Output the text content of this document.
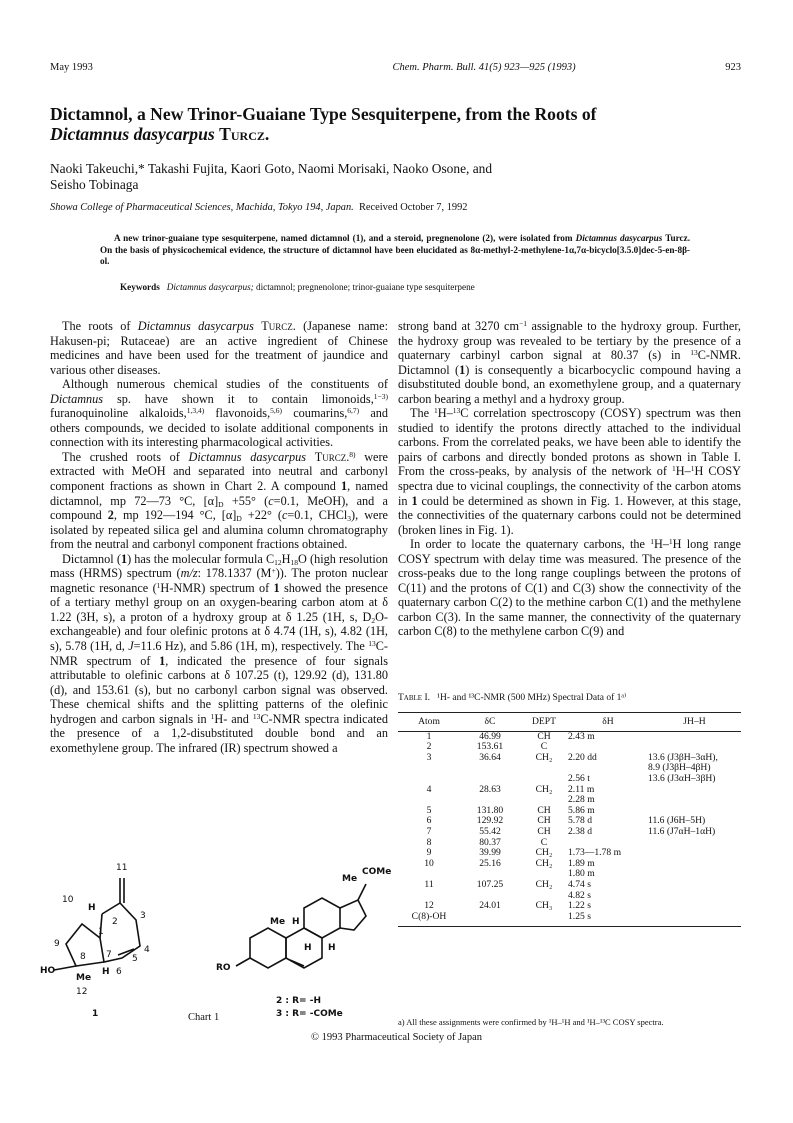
May 1993	Chem. Pharm. Bull. 41(5) 923—925 (1993)	923
Dictamnol, a New Trinor-Guaiane Type Sesquiterpene, from the Roots of
Dictamnus dasycarpus Turcz.
Naoki Takeuchi,* Takashi Fujita, Kaori Goto, Naomi Morisaki, Naoko Osone, and
Seisho Tobinaga
Showa College of Pharmaceutical Sciences, Machida, Tokyo 194, Japan. Received October 7, 1992
A new trinor-guaiane type sesquiterpene, named dictamnol (1), and a steroid, pregnenolone (2), were isolated from Dictamnus dasycarpus Turcz. On the basis of physicochemical evidence, the structure of dictamnol have been elucidated as 8α-methyl-2-methylene-1α,7α-bicyclo[3.5.0]dec-5-en-8β-ol.
Keywords Dictamnus dasycarpus; dictamnol; pregnenolone; trinor-guaiane type sesquiterpene

The roots of Dictamnus dasycarpus Turcz. (Japanese name: Hakusen-pi; Rutaceae) are an active ingredient of Chinese medicines and have been used for the treatment of jaundice and various other diseases.

Although numerous chemical studies of the constituents of Dictamnus sp. have shown it to contain limonoids,$^{1-3)}$ furanoquinoline alkaloids,$^{1,3,4)}$ flavonoids,$^{5,6)}$ coumarins,$^{6,7)}$ and others compounds, we decided to isolate additional components in connection with its interesting pharmacological activities.

The crushed roots of Dictamnus dasycarpus Turcz.$^{8)}$ were extracted with MeOH and separated into neutral and carbonyl component fractions as shown in Chart 2. A compound 1, named dictamnol, mp 72—73 °C, $[\alpha]_D +55^\circ$ (c=0.1, MeOH), and a compound 2, mp 192—194 °C, $[\alpha]_D +22^\circ$ (c=0.1, CHCl$_3$), were isolated by repeated silica gel and alumina column chromatography from the neutral and carbonyl component fractions obtained.

Dictamnol (1) has the molecular formula $C_{12}H_{18}O$ (high resolution mass (HRMS) spectrum (m/z: 178.1337 (M+)). The proton nuclear magnetic resonance ($^1$H-NMR) spectrum of 1 showed the presence of a tertiary methyl group on an oxygen-bearing carbon atom at δ 1.22 (3H, s), a proton of a hydroxy group at δ 1.25 (1H, s, $D_2O-exchangeable$) and four olefinic protons at δ 4.74 (1H, s), 4.82 (1H, s), 5.78 (1H, d, J=11.6 Hz), and 5.86 (1H, m), respectively. The $^{13}$C-NMR spectrum of 1, indicated the presence of four signals attributable to olefinic carbons at δ 107.25 (t), 129.92 (d), 131.80 (d), and 153.61 (s), but no carbonyl carbon signal was observed. These chemical shifts and the splitting patterns of the olefinic hydrogen and carbon signals in $^1$H- and $^{13}$C-NMR spectra indicated the presence of a 1,2-disubstituted double bond and an exomethylene group. The infrared (IR) spectrum showed a

strong band at 3270 $cm^{-1}$ assignable to the hydroxy group. Further, the hydroxy group was revealed to be tertiary by the presence of a quaternary carbinyl carbon signal at 80.37 (s) in $^{13}$C-NMR. Dictamnol (1) is consequently a bicarbocyclic compound having a disubstituted double bond, an exomethylene group, and a quaternary carbon bearing a methyl and a hydroxy group.

The $^1$H–$^{13}$C correlation spectroscopy (COSY) spectrum was then studied to identify the protons directly attached to the individual carbons. From the correlated peaks, we have been able to identify the pairs of carbons and directly bonded protons as shown in Table I. From the cross-peaks, by analysis of the network of $^1$H–$^1$H COSY spectra due to vicinal couplings, the connectivity of the carbon atoms in 1 could be determined as shown in Fig. 1. However, at this stage, the connectivities of the quaternary carbons could not be determined (broken lines in Fig. 1).

In order to locate the quaternary carbons, the $^1$H–$^1$H long range COSY spectrum with delay time was measured. The presence of the cross-peaks due to the long range couplings between the protons of C(11) and the protons of C(1) and C(3) show the connectivity of the quaternary carbon C(2) to the methine carbon C(1) and the methylene carbon C(3). In the same manner, the connectivity of the quaternary carbon C(8) to the methylene carbon C(9) and

Table I. ¹H- and ¹³C-NMR (500 MHz) Spectral Data of 1ᵃ⁾
Atom	δC	DEPT	δH	JH–H
1	46.99	CH	2.43 m	
2	153.61	C		
3	36.64	CH₂	2.20 dd	13.6 (J3βH–3αH),
				8.9 (J3βH–4βH)
			2.56 t	13.6 (J3αH–3βH)
4	28.63	CH₂	2.11 m	
			2.28 m	
5	131.80	CH	5.86 m	
6	129.92	CH	5.78 d	11.6 (J6H–5H)
7	55.42	CH	2.38 d	11.6 (J7αH–1αH)
8	80.37	C		
9	39.99	CH₂	1.73—1.78 m	
10	25.16	CH₂	1.89 m	
			1.80 m	
11	107.25	CH₂	4.74 s	
			4.82 s	
12	24.01	CH₃	1.22 s	
C(8)-OH			1.25 s	
a) All these assignments were confirmed by ¹H–¹H and ¹H–¹³C COSY spectra.
11
10
H
2
3
1
9
4
8 7 5
HO	H 6
Me
12
1
Me
COMe
Me H
H H
RO
2 : R= -H
3 : R= -COMe
Chart 1
© 1993 Pharmaceutical Society of Japan
